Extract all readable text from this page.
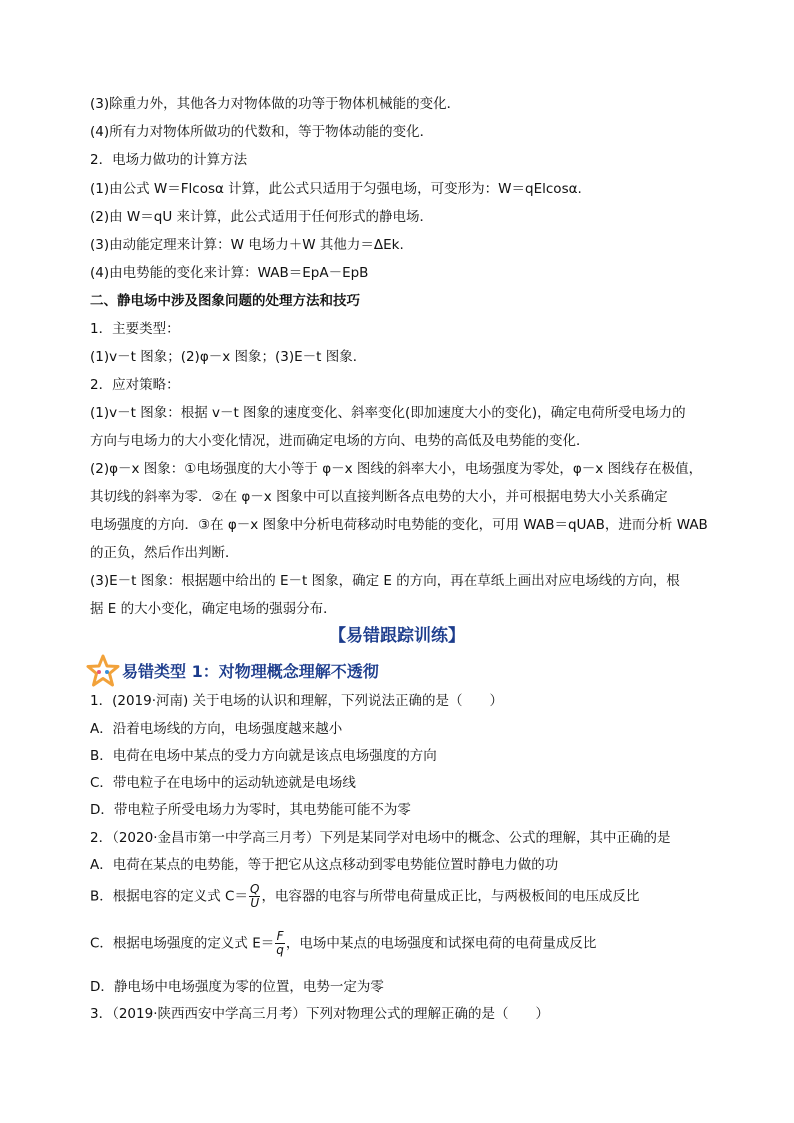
(3)除重力外，其他各力对物体做的功等于物体机械能的变化．
(4)所有力对物体所做功的代数和，等于物体动能的变化．
2．电场力做功的计算方法
(1)由公式 W＝Flcosα 计算，此公式只适用于匀强电场，可变形为：W＝qElcosα.
(2)由 W＝qU 来计算，此公式适用于任何形式的静电场．
(3)由动能定理来计算：W 电场力＋W 其他力＝ΔEk.
(4)由电势能的变化来计算：WAB＝EpA－EpB
二、静电场中涉及图象问题的处理方法和技巧
1．主要类型：
(1)v－t 图象；(2)φ－x 图象；(3)E－t 图象．
2．应对策略：
(1)v－t 图象：根据 v－t 图象的速度变化、斜率变化(即加速度大小的变化)，确定电荷所受电场力的
方向与电场力的大小变化情况，进而确定电场的方向、电势的高低及电势能的变化．
(2)φ－x 图象：①电场强度的大小等于 φ－x 图线的斜率大小，电场强度为零处，φ－x 图线存在极值，
其切线的斜率为零．②在 φ－x 图象中可以直接判断各点电势的大小，并可根据电势大小关系确定
电场强度的方向．③在 φ－x 图象中分析电荷移动时电势能的变化，可用 WAB＝qUAB，进而分析 WAB
的正负，然后作出判断．
(3)E－t 图象：根据题中给出的 E－t 图象，确定 E 的方向，再在草纸上画出对应电场线的方向，根
据 E 的大小变化，确定电场的强弱分布．
【易错跟踪训练】
易错类型 1：对物理概念理解不透彻
1．(2019·河南) 关于电场的认识和理解，下列说法正确的是（　　）
A．沿着电场线的方向，电场强度越来越小
B．电荷在电场中某点的受力方向就是该点电场强度的方向
C．带电粒子在电场中的运动轨迹就是电场线
D．带电粒子所受电场力为零时，其电势能可能不为零
2．（2020·金昌市第一中学高三月考）下列是某同学对电场中的概念、公式的理解，其中正确的是
A．电荷在某点的电势能，等于把它从这点移动到零电势能位置时静电力做的功
B．根据电容的定义式 $C= \frac{Q}{U}$ ，电容器的电容与所带电荷量成正比，与两极板间的电压成反比
C．根据电场强度的定义式 $E= \frac{F}{q}$ ，电场中某点的电场强度和试探电荷的电荷量成反比
D．静电场中电场强度为零的位置，电势一定为零
3．（2019·陕西西安中学高三月考）下列对物理公式的理解正确的是（　　）
